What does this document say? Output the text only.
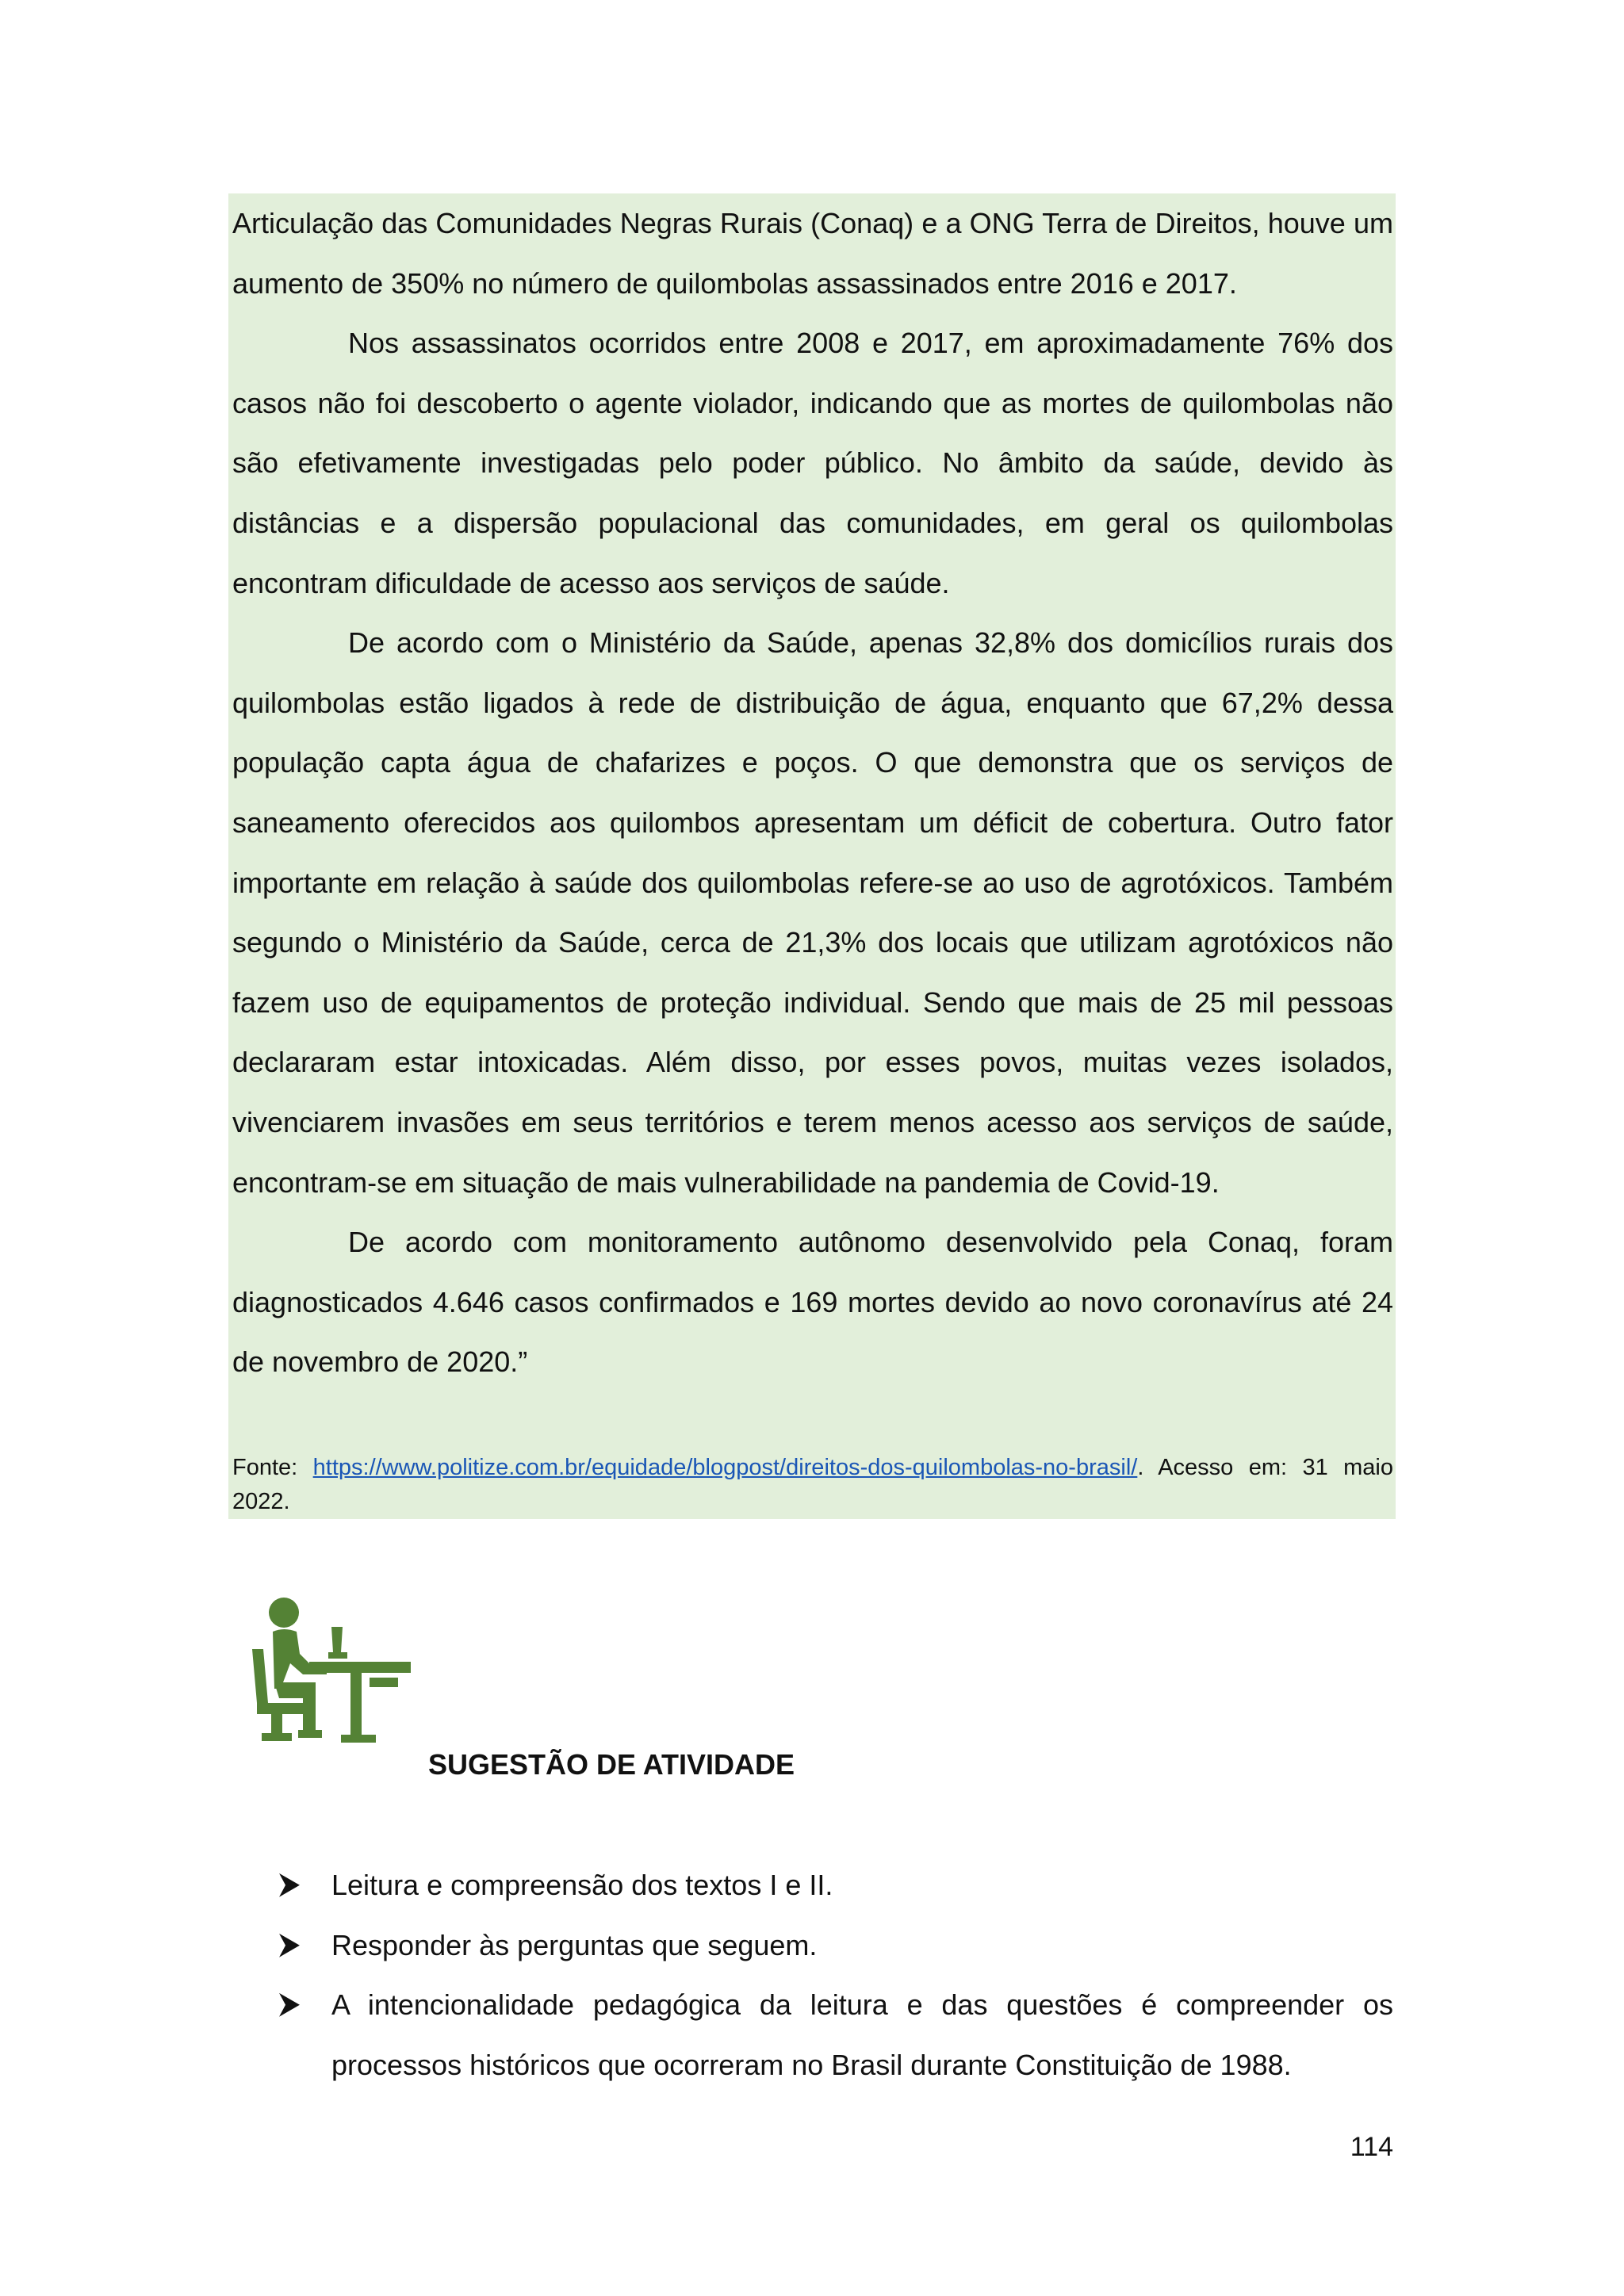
Articulação das Comunidades Negras Rurais (Conaq) e a ONG Terra de Direitos, houve um aumento de 350% no número de quilombolas assassinados entre 2016 e 2017.

Nos assassinatos ocorridos entre 2008 e 2017, em aproximadamente 76% dos casos não foi descoberto o agente violador, indicando que as mortes de quilombolas não são efetivamente investigadas pelo poder público. No âmbito da saúde, devido às distâncias e a dispersão populacional das comunidades, em geral os quilombolas encontram dificuldade de acesso aos serviços de saúde.

De acordo com o Ministério da Saúde, apenas 32,8% dos domicílios rurais dos quilombolas estão ligados à rede de distribuição de água, enquanto que 67,2% dessa população capta água de chafarizes e poços. O que demonstra que os serviços de saneamento oferecidos aos quilombos apresentam um déficit de cobertura. Outro fator importante em relação à saúde dos quilombolas refere-se ao uso de agrotóxicos. Também segundo o Ministério da Saúde, cerca de 21,3% dos locais que utilizam agrotóxicos não fazem uso de equipamentos de proteção individual. Sendo que mais de 25 mil pessoas declararam estar intoxicadas. Além disso, por esses povos, muitas vezes isolados, vivenciarem invasões em seus territórios e terem menos acesso aos serviços de saúde, encontram-se em situação de mais vulnerabilidade na pandemia de Covid-19.

De acordo com monitoramento autônomo desenvolvido pela Conaq, foram diagnosticados 4.646 casos confirmados e 169 mortes devido ao novo coronavírus até 24 de novembro de 2020.”

Fonte: https://www.politize.com.br/equidade/blogpost/direitos-dos-quilombolas-no-brasil/. Acesso em: 31 maio 2022.

SUGESTÃO DE ATIVIDADE
Leitura e compreensão dos textos I e II.
Responder às perguntas que seguem.
A intencionalidade pedagógica da leitura e das questões é compreender os processos históricos que ocorreram no Brasil durante Constituição de 1988.
114
